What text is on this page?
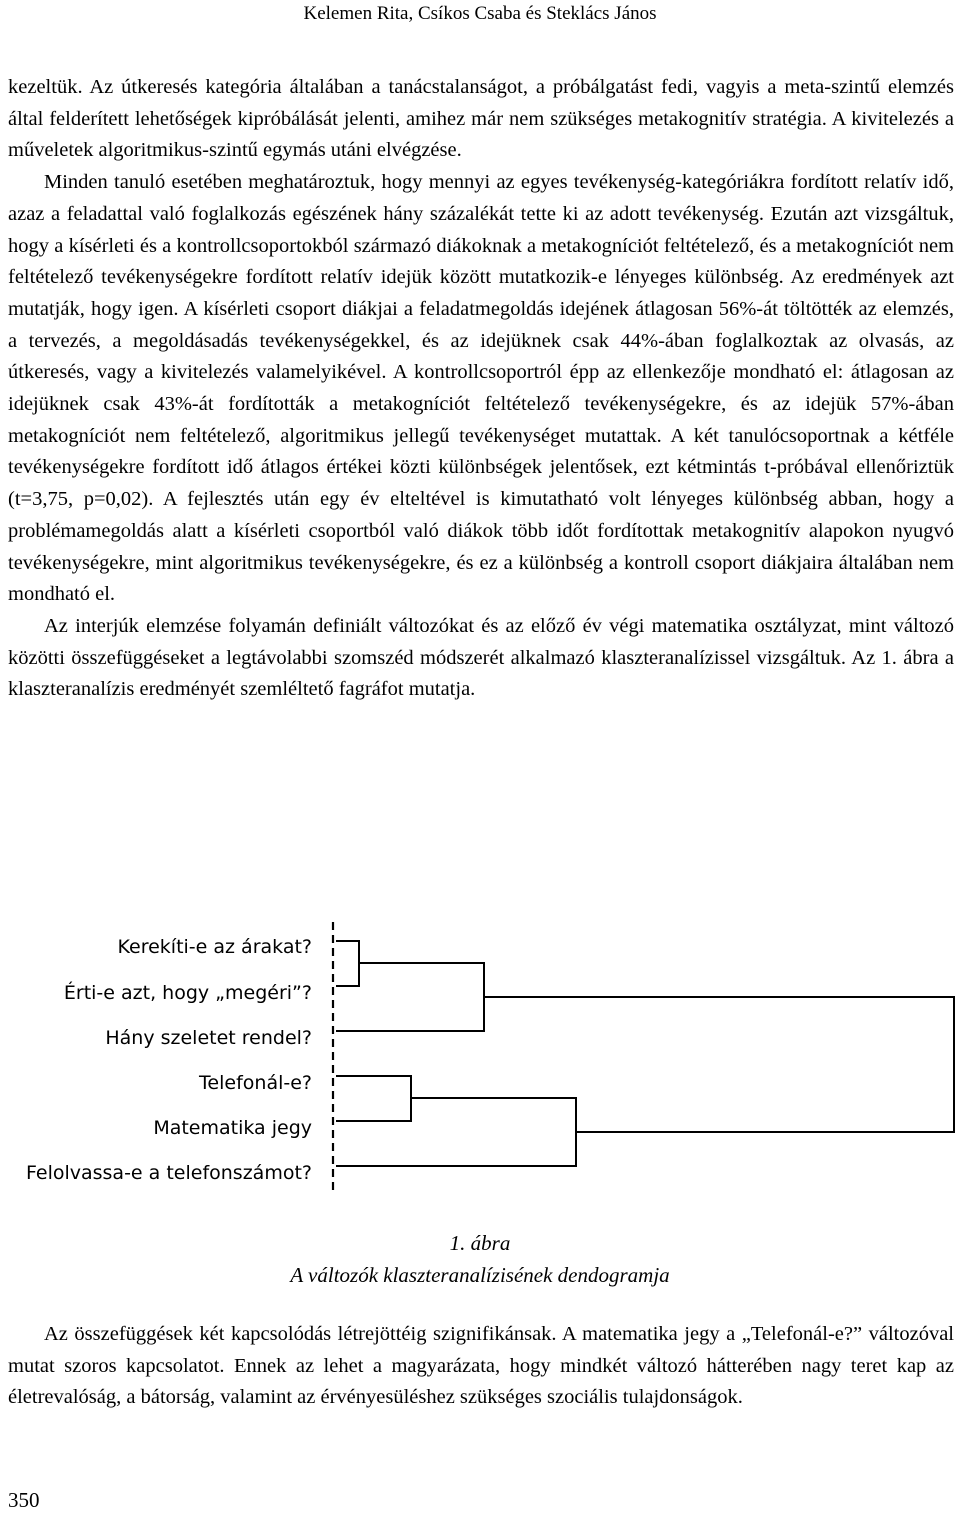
Kelemen Rita, Csíkos Csaba és Steklács János

kezeltük. Az útkeresés kategória általában a tanácstalanságot, a próbálgatást fedi, vagyis a meta-szintű elemzés által felderített lehetőségek kipróbálását jelenti, amihez már nem szükséges metakognitív stratégia. A kivitelezés a műveletek algoritmikus-szintű egymás utáni elvégzése.

Minden tanuló esetében meghatároztuk, hogy mennyi az egyes tevékenység-kategóriákra fordított relatív idő, azaz a feladattal való foglalkozás egészének hány százalékát tette ki az adott tevékenység. Ezután azt vizsgáltuk, hogy a kísérleti és a kontrollcsoportokból származó diákoknak a metakogníciót feltételező, és a metakogníciót nem feltételező tevékenységekre fordított relatív idejük között mutatkozik-e lényeges különbség. Az eredmények azt mutatják, hogy igen. A kísérleti csoport diákjai a feladatmegoldás idejének átlagosan 56%-át töltötték az elemzés, a tervezés, a megoldásadás tevékenységekkel, és az idejüknek csak 44%-ában foglalkoztak az olvasás, az útkeresés, vagy a kivitelezés valamelyikével. A kontrollcsoportról épp az ellenkezője mondható el: átlagosan az idejüknek csak 43%-át fordították a metakogníciót feltételező tevékenységekre, és az idejük 57%-ában metakogníciót nem feltételező, algoritmikus jellegű tevékenységet mutattak. A két tanulócsoportnak a kétféle tevékenységekre fordított idő átlagos értékei közti különbségek jelentősek, ezt kétmintás t-próbával ellenőriztük (t=3,75, p=0,02). A fejlesztés után egy év elteltével is kimutatható volt lényeges különbség abban, hogy a problémamegoldás alatt a kísérleti csoportból való diákok több időt fordítottak metakognitív alapokon nyugvó tevékenységekre, mint algoritmikus tevékenységekre, és ez a különbség a kontroll csoport diákjaira általában nem mondható el.

Az interjúk elemzése folyamán definiált változókat és az előző év végi matematika osztályzat, mint változó közötti összefüggéseket a legtávolabbi szomszéd módszerét alkalmazó klaszteranalízissel vizsgáltuk. Az 1. ábra a klaszteranalízis eredményét szemléltető fagráfot mutatja.

Kerekíti-e az árakat?
Érti-e azt, hogy „megéri”?
Hány szeletet rendel?
Telefonál-e?
Matematika jegy
Felolvassa-e a telefonszámot?
1. ábra
A változók klaszteranalízisének dendogramja

Az összefüggések két kapcsolódás létrejöttéig szignifikánsak. A matematika jegy a „Telefonál-e?” változóval mutat szoros kapcsolatot. Ennek az lehet a magyarázata, hogy mindkét változó hátterében nagy teret kap az életrevalóság, a bátorság, valamint az érvényesüléshez szükséges szociális tulajdonságok.

350
